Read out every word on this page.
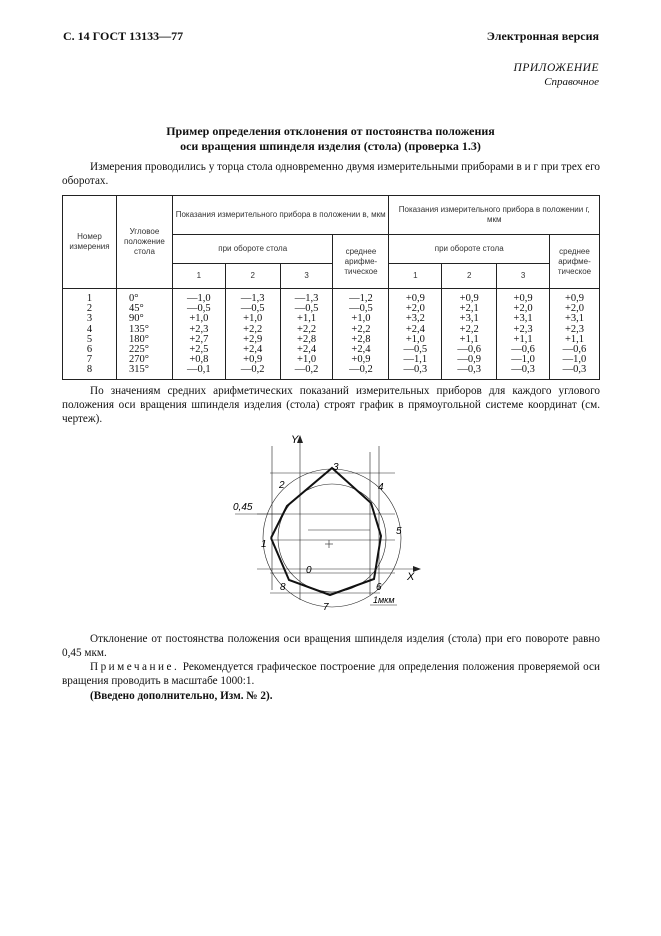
С. 14 ГОСТ 13133—77	Электронная версия
ПРИЛОЖЕНИЕ
Справочное
Пример определения отклонения от постоянства положения
оси вращения шпинделя изделия (стола) (проверка 1.3)
Измерения проводились у торца стола одновременно двумя измерительными приборами в и г при трех его оборотах.
Номер измерения	Угловое положение стола	Показания измерительного прибора в положении в, мкм				Показания измерительного прибора в положении г, мкм			
		при обороте стола			среднее арифме-тическое	при обороте стола			среднее арифме-тическое
		1	2	3		1	2	3	
1	0°	—1,0	—1,3	—1,3	—1,2	+0,9	+0,9	+0,9	+0,9
2	45°	—0,5	—0,5	—0,5	—0,5	+2,0	+2,1	+2,0	+2,0
3	90°	+1,0	+1,0	+1,1	+1,0	+3,2	+3,1	+3,1	+3,1
4	135°	+2,3	+2,2	+2,2	+2,2	+2,4	+2,2	+2,3	+2,3
5	180°	+2,7	+2,9	+2,8	+2,8	+1,0	+1,1	+1,1	+1,1
6	225°	+2,5	+2,4	+2,4	+2,4	—0,5	—0,6	—0,6	—0,6
7	270°	+0,8	+0,9	+1,0	+0,9	—1,1	—0,9	—1,0	—1,0
8	315°	—0,1	—0,2	—0,2	—0,2	—0,3	—0,3	—0,3	—0,3
По значениям средних арифметических показаний измерительных приборов для каждого углового положения оси вращения шпинделя изделия (стола) строят график в прямоугольной системе координат (см. чертеж).
Y
X
0,45
1мкм
0
1
2
3
4
5
6
7
8
Отклонение от постоянства положения оси вращения шпинделя изделия (стола) при его повороте равно 0,45 мкм.
Примечание. Рекомендуется графическое построение для определения положения проверяемой оси вращения проводить в масштабе 1000:1.
(Введено дополнительно, Изм. № 2).
